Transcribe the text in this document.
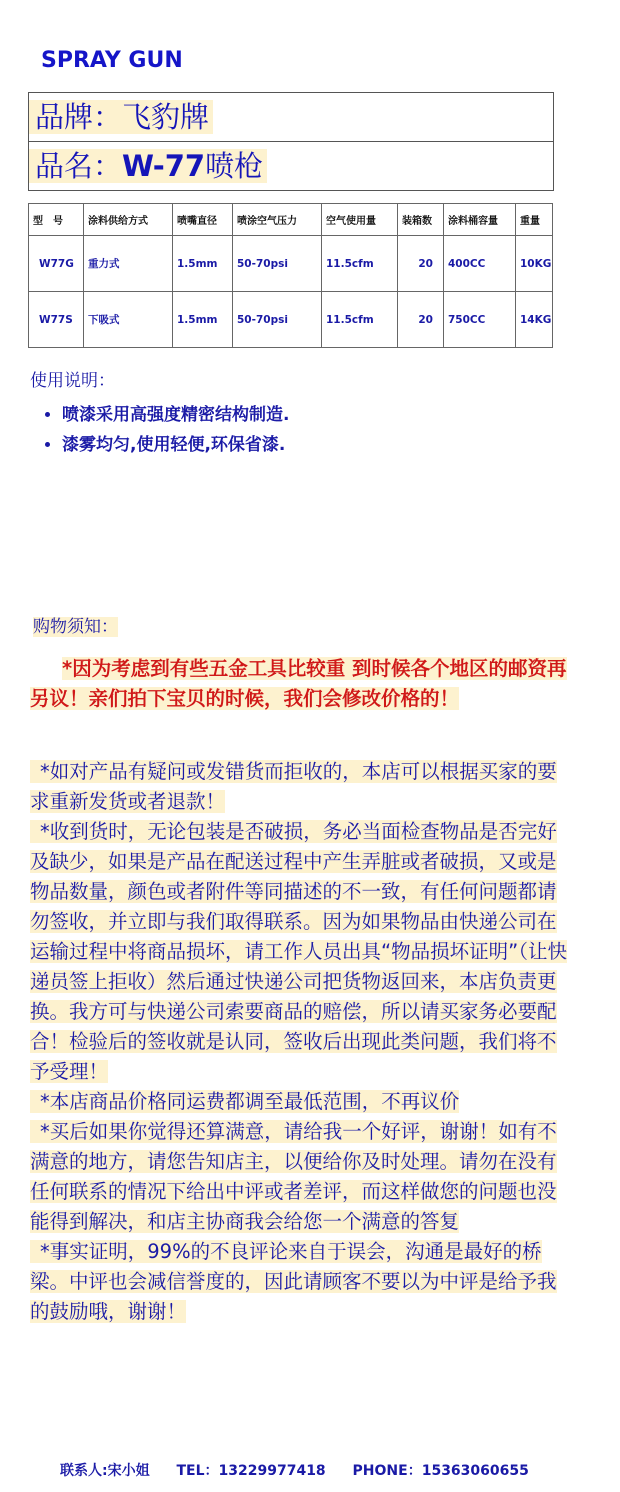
SPRAY GUN
品牌：飞豹牌
品名：W-77喷枪
型　号	涂料供给方式	喷嘴直径	喷涂空气压力	空气使用量	装箱数	涂料桶容量	重量
W77G	重力式	1.5mm	50-70psi	11.5cfm	20	400CC	10KG
W77S	下吸式	1.5mm	50-70psi	11.5cfm	20	750CC	14KG
使用说明：
• 喷漆采用高强度精密结构制造.
• 漆雾均匀,使用轻便,环保省漆.
购物须知：
*因为考虑到有些五金工具比较重 到时候各个地区的邮资再另议！亲们拍下宝贝的时候，我们会修改价格的！

*如对产品有疑问或发错货而拒收的，本店可以根据买家的要求重新发货或者退款！

*收到货时，无论包装是否破损，务必当面检查物品是否完好及缺少，如果是产品在配送过程中产生弄脏或者破损，又或是物品数量，颜色或者附件等同描述的不一致，有任何问题都请勿签收，并立即与我们取得联系。因为如果物品由快递公司在运输过程中将商品损坏，请工作人员出具“物品损坏证明”（让快递员签上拒收）然后通过快递公司把货物返回来，本店负责更换。我方可与快递公司索要商品的赔偿，所以请买家务必要配合！检验后的签收就是认同，签收后出现此类问题，我们将不予受理！

*本店商品价格同运费都调至最低范围，不再议价

*买后如果你觉得还算满意，请给我一个好评，谢谢！如有不满意的地方，请您告知店主，以便给你及时处理。请勿在没有任何联系的情况下给出中评或者差评，而这样做您的问题也没能得到解决，和店主协商我会给您一个满意的答复

*事实证明，99%的不良评论来自于误会，沟通是最好的桥梁。中评也会减信誉度的，因此请顾客不要以为中评是给予我的鼓励哦，谢谢！

联系人:宋小姐 TEL：13229977418 PHONE：15363060655
